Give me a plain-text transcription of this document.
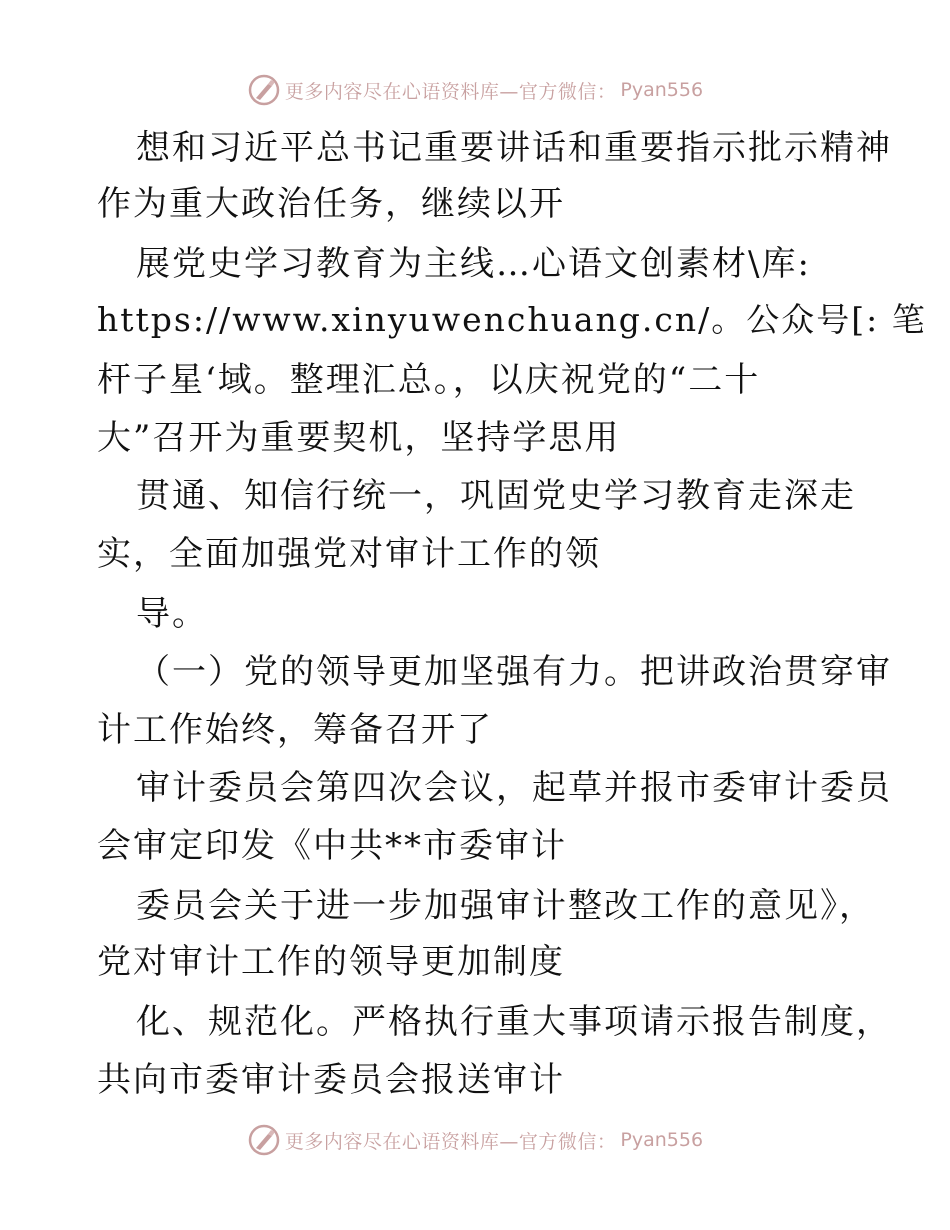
更多内容尽在心语资料库—官方微信： Pyan556
想和习近平总书记重要讲话和重要指示批示精神
作为重大政治任务，继续以开
展党史学习教育为主线…心语文创素材\库:
https://www.xinyuwenchuang.cn/。公众号[: 笔
杆子星‘域。整理汇总。，以庆祝党的“二十
大”召开为重要契机，坚持学思用
贯通、知信行统一，巩固党史学习教育走深走
实，全面加强党对审计工作的领
导。
（一）党的领导更加坚强有力。把讲政治贯穿审
计工作始终，筹备召开了
审计委员会第四次会议，起草并报市委审计委员
会审定印发《中共**市委审计
委员会关于进一步加强审计整改工作的意见》，
党对审计工作的领导更加制度
化、规范化。严格执行重大事项请示报告制度，
共向市委审计委员会报送审计
更多内容尽在心语资料库—官方微信： Pyan556
